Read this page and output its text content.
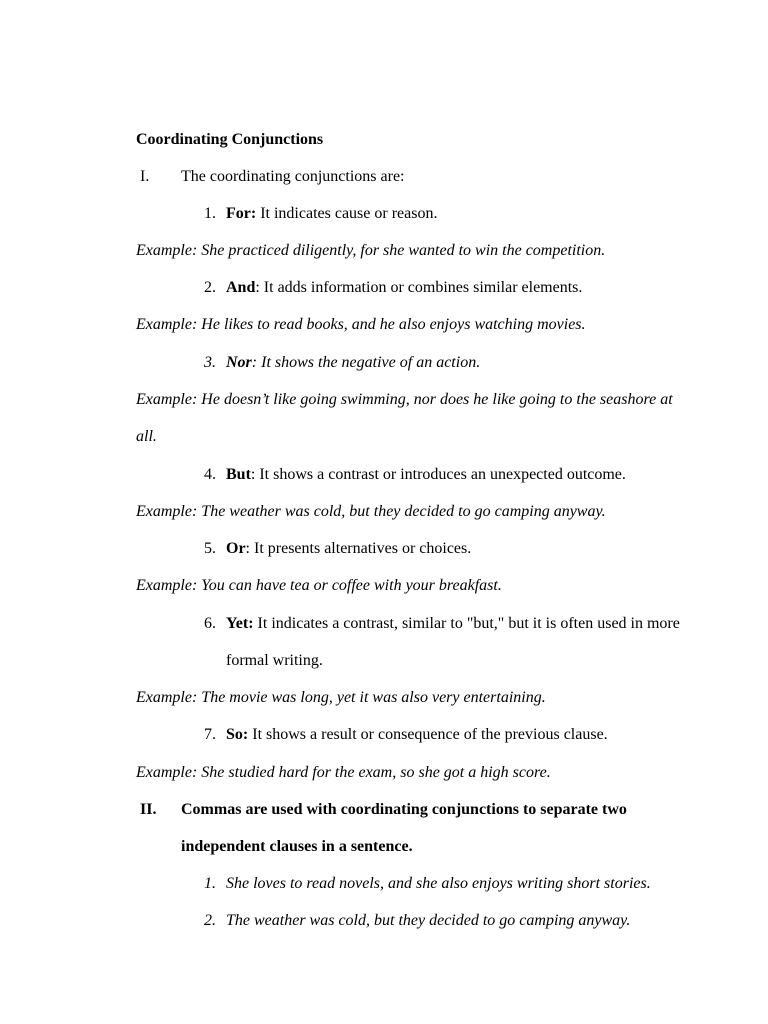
Coordinating Conjunctions
I.	The coordinating conjunctions are:
1. For: It indicates cause or reason.
Example: She practiced diligently, for she wanted to win the competition.
2. And: It adds information or combines similar elements.
Example: He likes to read books, and he also enjoys watching movies.
3. Nor: It shows the negative of an action.
Example: He doesn’t like going swimming, nor does he like going to the seashore at
all.
4. But: It shows a contrast or introduces an unexpected outcome.
Example: The weather was cold, but they decided to go camping anyway.
5. Or: It presents alternatives or choices.
Example: You can have tea or coffee with your breakfast.
6. Yet: It indicates a contrast, similar to "but," but it is often used in more
formal writing.
Example: The movie was long, yet it was also very entertaining.
7. So: It shows a result or consequence of the previous clause.
Example: She studied hard for the exam, so she got a high score.
II. Commas are used with coordinating conjunctions to separate two
independent clauses in a sentence.
1. She loves to read novels, and she also enjoys writing short stories.
2. The weather was cold, but they decided to go camping anyway.
